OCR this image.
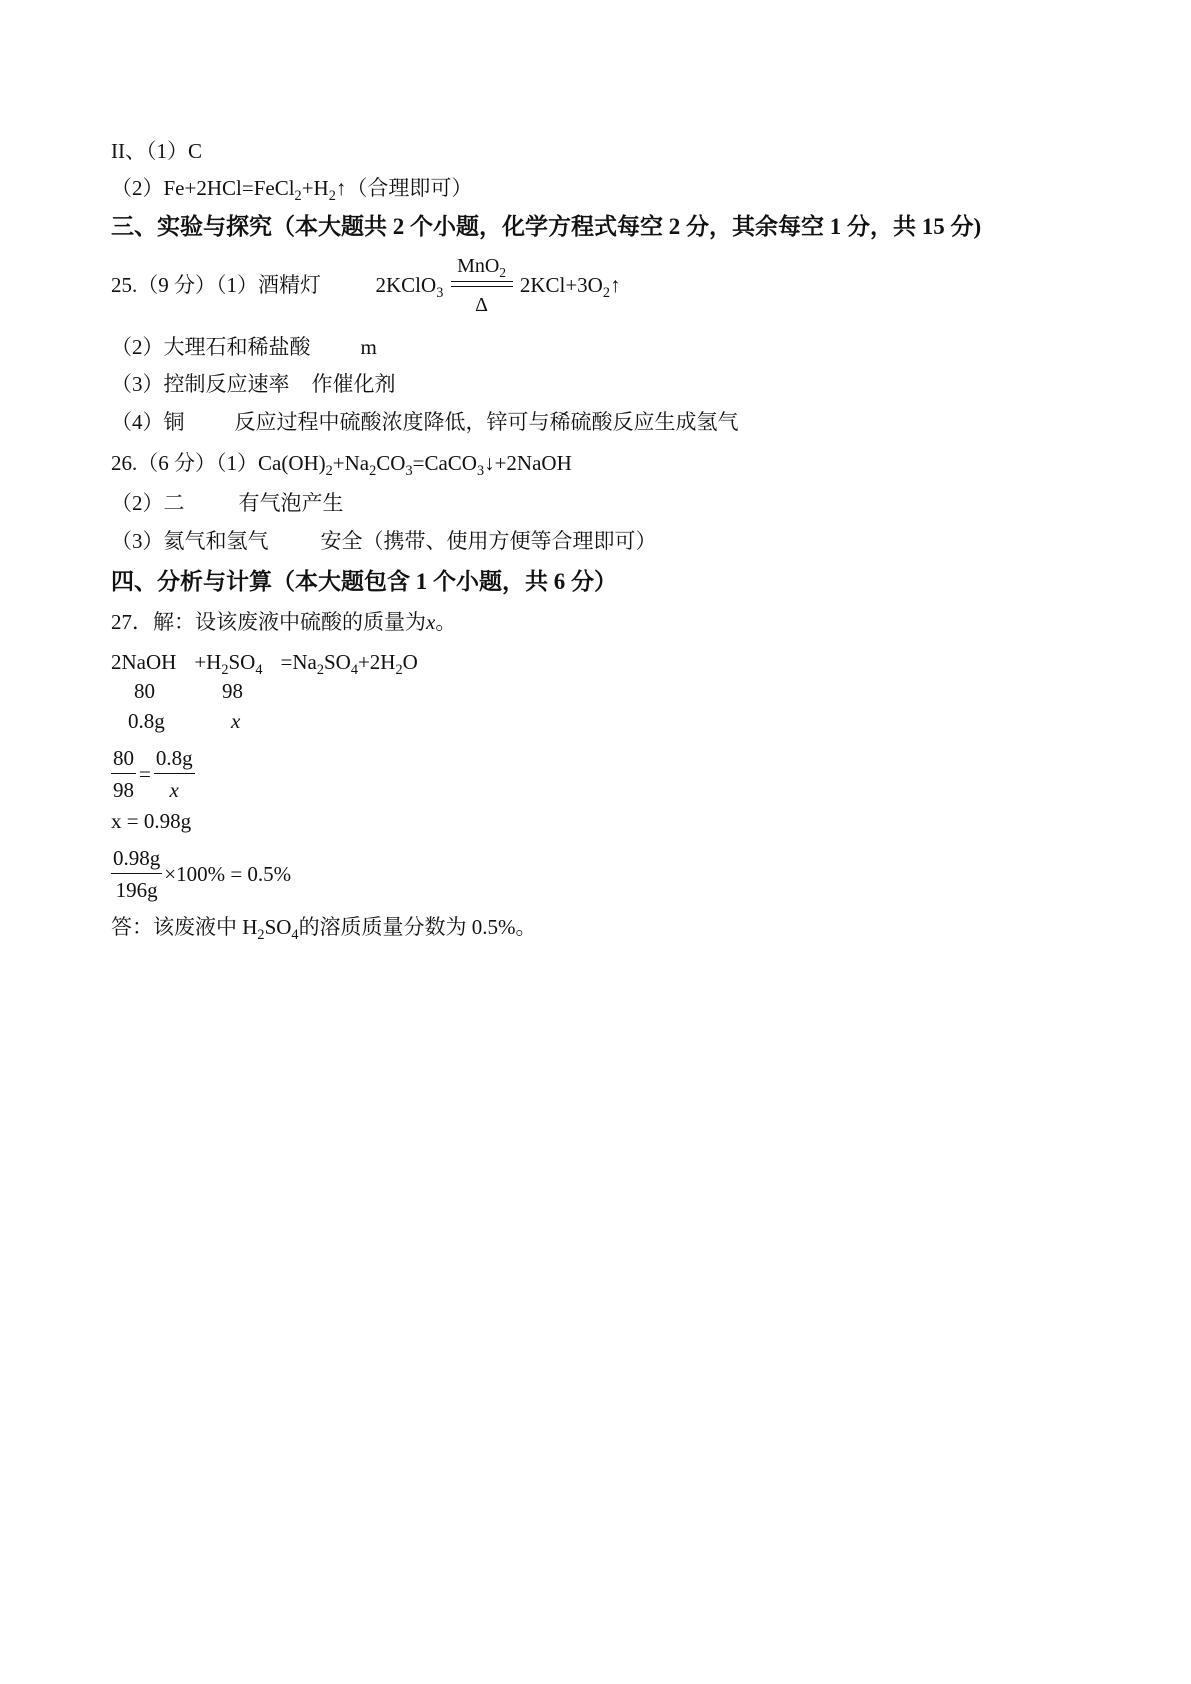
II、（1）C
$(2)Fe+2HCl=FeCl_2+H_2↑$（合理即可）
三、实验与探究（本大题共 2 个小题，化学方程式每空 2 分，其余每空 1 分，共 15 分)
25.（9 分）（1）酒精灯	2KClO$_3$
MnO$_2$
Δ
$2KCl+3O_2↑$
（2）大理石和稀盐酸 m
（3）控制反应速率 作催化剂
（4）铜 反应过程中硫酸浓度降低，锌可与稀硫酸反应生成氢气
26.（6 分）$(1)Ca(OH)_2+Na_2CO_3=CaCO_3↓+2NaOH$
（2）二	有气泡产生
（3）氦气和氢气 安全（携带、使用方便等合理即可）
四、分析与计算（本大题包含 1 个小题，共 6 分）
27．解：设该废液中硫酸的质量为x。
2NaOH $+H_2SO_4 =Na_2SO_4+2H_2O$
80	98
0.8g	x
$\frac{80}{98} = \frac{0.8g}{x}$
x = 0.98g
$\frac{0.98g}{196g} \times 100\% = 0.5\%$
答：该废液中 $H_2SO_4$的溶质质量分数为 0.5%。
